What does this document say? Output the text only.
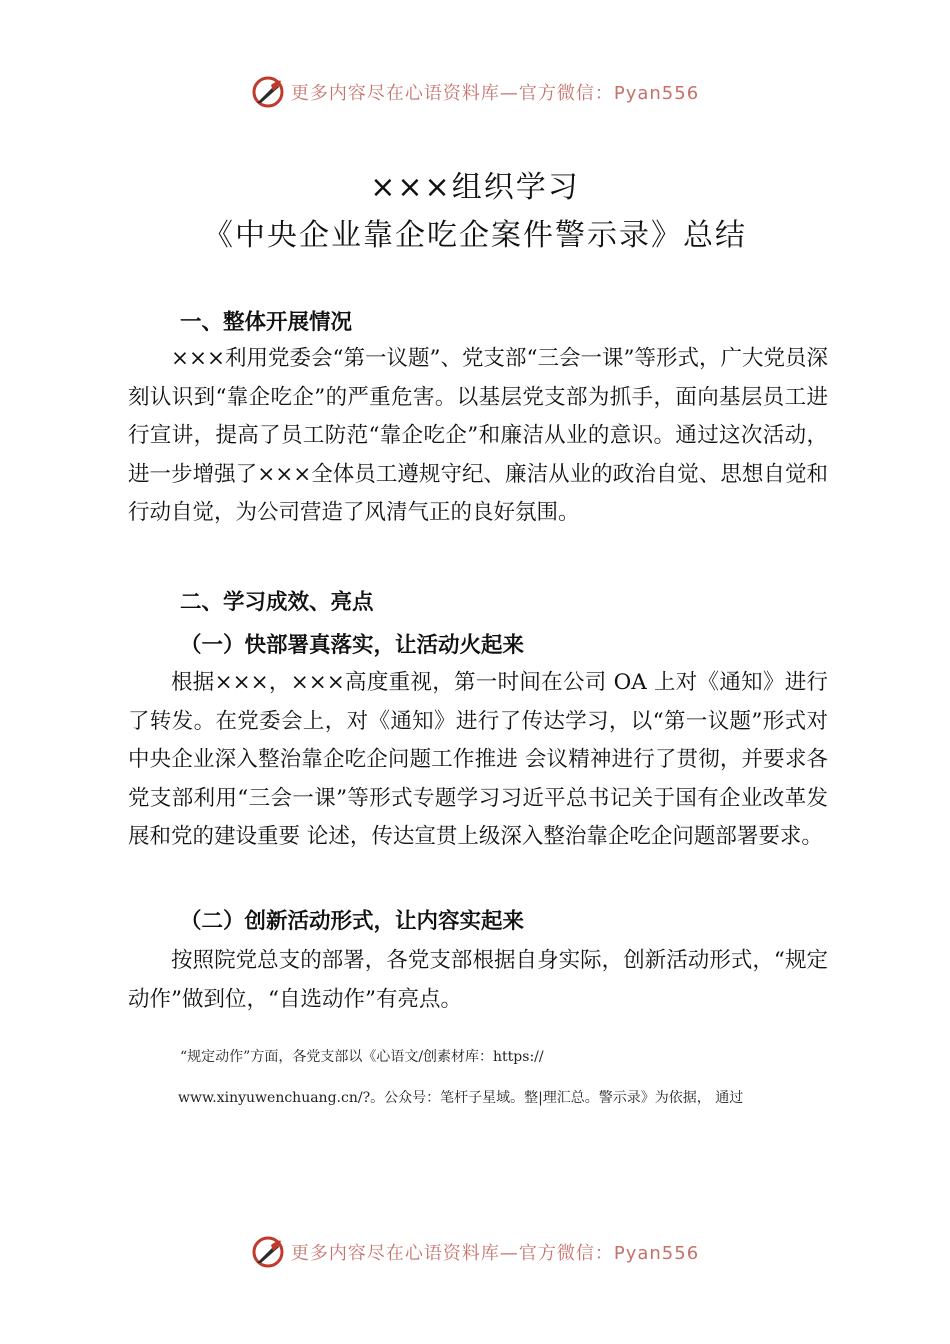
更多内容尽在心语资料库—官方微信：Pyan556
×××组织学习
《中央企业靠企吃企案件警示录》总结
一、整体开展情况

×××利用党委会“第一议题”、党支部“三会一课”等形式，广大党员深刻认识到“靠企吃企”的严重危害。以基层党支部为抓手，面向基层员工进行宣讲，提高了员工防范“靠企吃企”和廉洁从业的意识。通过这次活动，进一步增强了×××全体员工遵规守纪、廉洁从业的政治自觉、思想自觉和行动自觉，为公司营造了风清气正的良好氛围。

二、学习成效、亮点
（一）快部署真落实，让活动火起来

根据×××，×××高度重视，第一时间在公司 OA 上对《通知》进行了转发。在党委会上，对《通知》进行了传达学习，以“第一议题”形式对中央企业深入整治靠企吃企问题工作推进 会议精神进行了贯彻，并要求各党支部利用“三会一课”等形式专题学习习近平总书记关于国有企业改革发展和党的建设重要 论述，传达宣贯上级深入整治靠企吃企问题部署要求。

（二）创新活动形式，让内容实起来

按照院党总支的部署，各党支部根据自身实际，创新活动形式，“规定动作”做到位，“自选动作”有亮点。

“规定动作”方面，各党支部以《心语文/创素材库：https://
www.xinyuwenchuang.cn/?。公众号：笔杆子星域。整|理汇总。警示录》为依据， 通过
更多内容尽在心语资料库—官方微信：Pyan556
